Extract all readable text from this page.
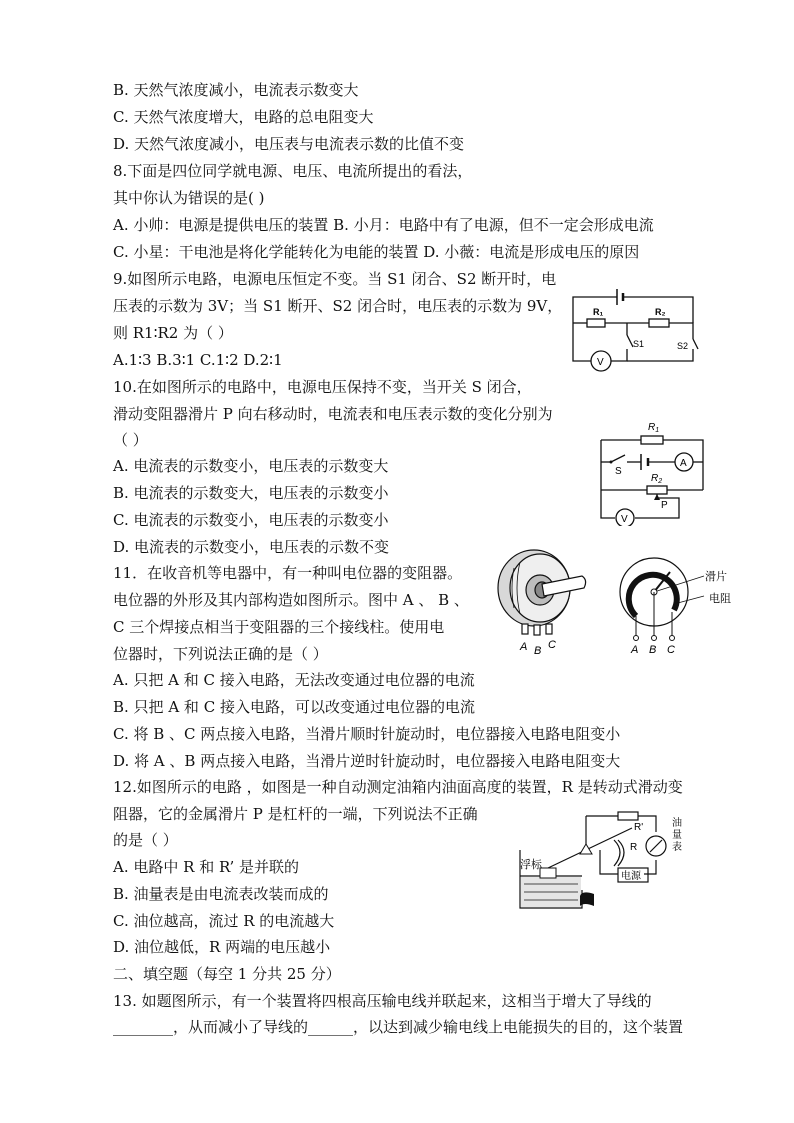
B. 天然气浓度减小，电流表示数变大
C. 天然气浓度增大，电路的总电阻变大
D. 天然气浓度减小，电压表与电流表示数的比值不变
8.下面是四位同学就电源、电压、电流所提出的看法，
其中你认为错误的是( )
A. 小帅：电源是提供电压的装置 B. 小月：电路中有了电源，但不一定会形成电流
C. 小星：干电池是将化学能转化为电能的装置 D. 小薇：电流是形成电压的原因
9.如图所示电路，电源电压恒定不变。当 S1 闭合、S2 断开时，电
压表的示数为 3V；当 S1 断开、S2 闭合时，电压表的示数为 9V，
则 R1∶R2 为（ ）
A.1∶3 B.3∶1 C.1∶2 D.2∶1
10.在如图所示的电路中，电源电压保持不变，当开关 S 闭合，
滑动变阻器滑片 P 向右移动时，电流表和电压表示数的变化分别为
（ ）
A. 电流表的示数变小，电压表的示数变大
B. 电流表的示数变大，电压表的示数变小
C. 电流表的示数变小，电压表的示数变小
D. 电流表的示数变小，电压表的示数不变
11．在收音机等电器中，有一种叫电位器的变阻器。
电位器的外形及其内部构造如图所示。图中 A 、 B 、
C 三个焊接点相当于变阻器的三个接线柱。使用电
位器时，下列说法正确的是（ ）
A. 只把 A 和 C 接入电路，无法改变通过电位器的电流
B. 只把 A 和 C 接入电路，可以改变通过电位器的电流
C. 将 B 、C 两点接入电路，当滑片顺时针旋动时，电位器接入电路电阻变小
D. 将 A 、B 两点接入电路，当滑片逆时针旋动时，电位器接入电路电阻变大
12.如图所示的电路 ，如图是一种自动测定油箱内油面高度的装置，R 是转动式滑动变
阻器，它的金属滑片 P 是杠杆的一端，下列说法不正确
的是（ ）
A. 电路中 R 和 R’ 是并联的
B. 油量表是由电流表改装而成的
C. 油位越高，流过 R 的电流越大
D. 油位越低，R 两端的电压越小
二、填空题（每空 1 分共 25 分）
13. 如题图所示，有一个装置将四根高压输电线并联起来，这相当于增大了导线的
________，从而减小了导线的______，以达到减少输电线上电能损失的目的，这个装置
R₁	R₂
S1	S2
V
$R_1$
$R_2$
S
A
V
P
A B C
滑片
电阻
A B C
R'
R
浮标
电源
油量表
